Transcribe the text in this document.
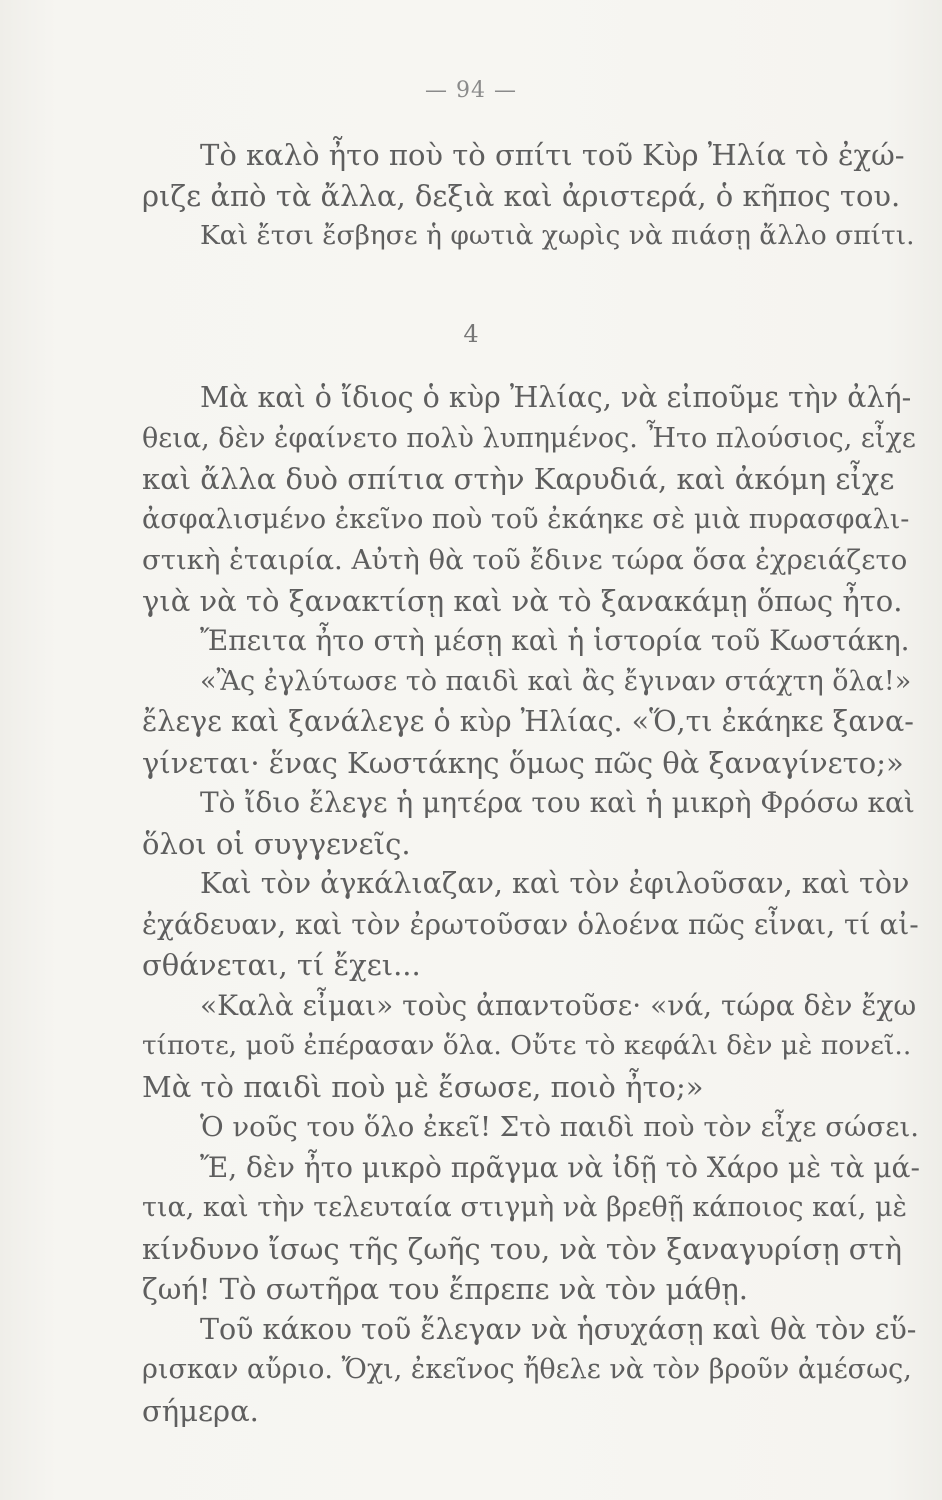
— 94 —
Τὸ καλὸ ἦτο ποὺ τὸ σπίτι τοῦ Κὺρ Ἠλία τὸ ἐχώ-
ριζε ἀπὸ τὰ ἄλλα, δεξιὰ καὶ ἀριστερά, ὁ κῆπος του.
Καὶ ἔτσι ἔσβησε ἡ φωτιὰ χωρὶς νὰ πιάσῃ ἄλλο σπίτι.
4
Μὰ καὶ ὁ ἴδιος ὁ κὺρ Ἠλίας, νὰ εἰποῦμε τὴν ἀλή-
θεια, δὲν ἐφαίνετο πολὺ λυπημένος. Ἦτο πλούσιος, εἶχε
καὶ ἄλλα δυὸ σπίτια στὴν Καρυδιά, καὶ ἀκόμη εἶχε
ἀσφαλισμένο ἐκεῖνο ποὺ τοῦ ἐκάηκε σὲ μιὰ πυρασφαλι-
στικὴ ἑταιρία. Αὐτὴ θὰ τοῦ ἔδινε τώρα ὅσα ἐχρειάζετο
γιὰ νὰ τὸ ξανακτίσῃ καὶ νὰ τὸ ξανακάμῃ ὅπως ἦτο.
Ἔπειτα ἦτο στὴ μέσῃ καὶ ἡ ἱστορία τοῦ Κωστάκη.
«Ἂς ἐγλύτωσε τὸ παιδὶ καὶ ἂς ἔγιναν στάχτη ὅλα!»
ἔλεγε καὶ ξανάλεγε ὁ κὺρ Ἠλίας. «Ὅ,τι ἐκάηκε ξανα-
γίνεται· ἕνας Κωστάκης ὅμως πῶς θὰ ξαναγίνετο;»
Τὸ ἴδιο ἔλεγε ἡ μητέρα του καὶ ἡ μικρὴ Φρόσω καὶ
ὅλοι οἱ συγγενεῖς.
Καὶ τὸν ἀγκάλιαζαν, καὶ τὸν ἐφιλοῦσαν, καὶ τὸν
ἐχάδευαν, καὶ τὸν ἐρωτοῦσαν ὁλοένα πῶς εἶναι, τί αἰ-
σθάνεται, τί ἔχει...
«Καλὰ εἶμαι» τοὺς ἀπαντοῦσε· «νά, τώρα δὲν ἔχω
τίποτε, μοῦ ἐπέρασαν ὅλα. Οὔτε τὸ κεφάλι δὲν μὲ πονεῖ..
Μὰ τὸ παιδὶ ποὺ μὲ ἔσωσε, ποιὸ ἦτο;»
Ὁ νοῦς του ὅλο ἐκεῖ! Στὸ παιδὶ ποὺ τὸν εἶχε σώσει.
Ἔ, δὲν ἦτο μικρὸ πρᾶγμα νὰ ἰδῇ τὸ Χάρο μὲ τὰ μά-
τια, καὶ τὴν τελευταία στιγμὴ νὰ βρεθῇ κάποιος καί, μὲ
κίνδυνο ἴσως τῆς ζωῆς του, νὰ τὸν ξαναγυρίσῃ στὴ
ζωή! Τὸ σωτῆρα του ἔπρεπε νὰ τὸν μάθῃ.
Τοῦ κάκου τοῦ ἔλεγαν νὰ ἡσυχάσῃ καὶ θὰ τὸν εὕ-
ρισκαν αὔριο. Ὄχι, ἐκεῖνος ἤθελε νὰ τὸν βροῦν ἀμέσως,
σήμερα.
